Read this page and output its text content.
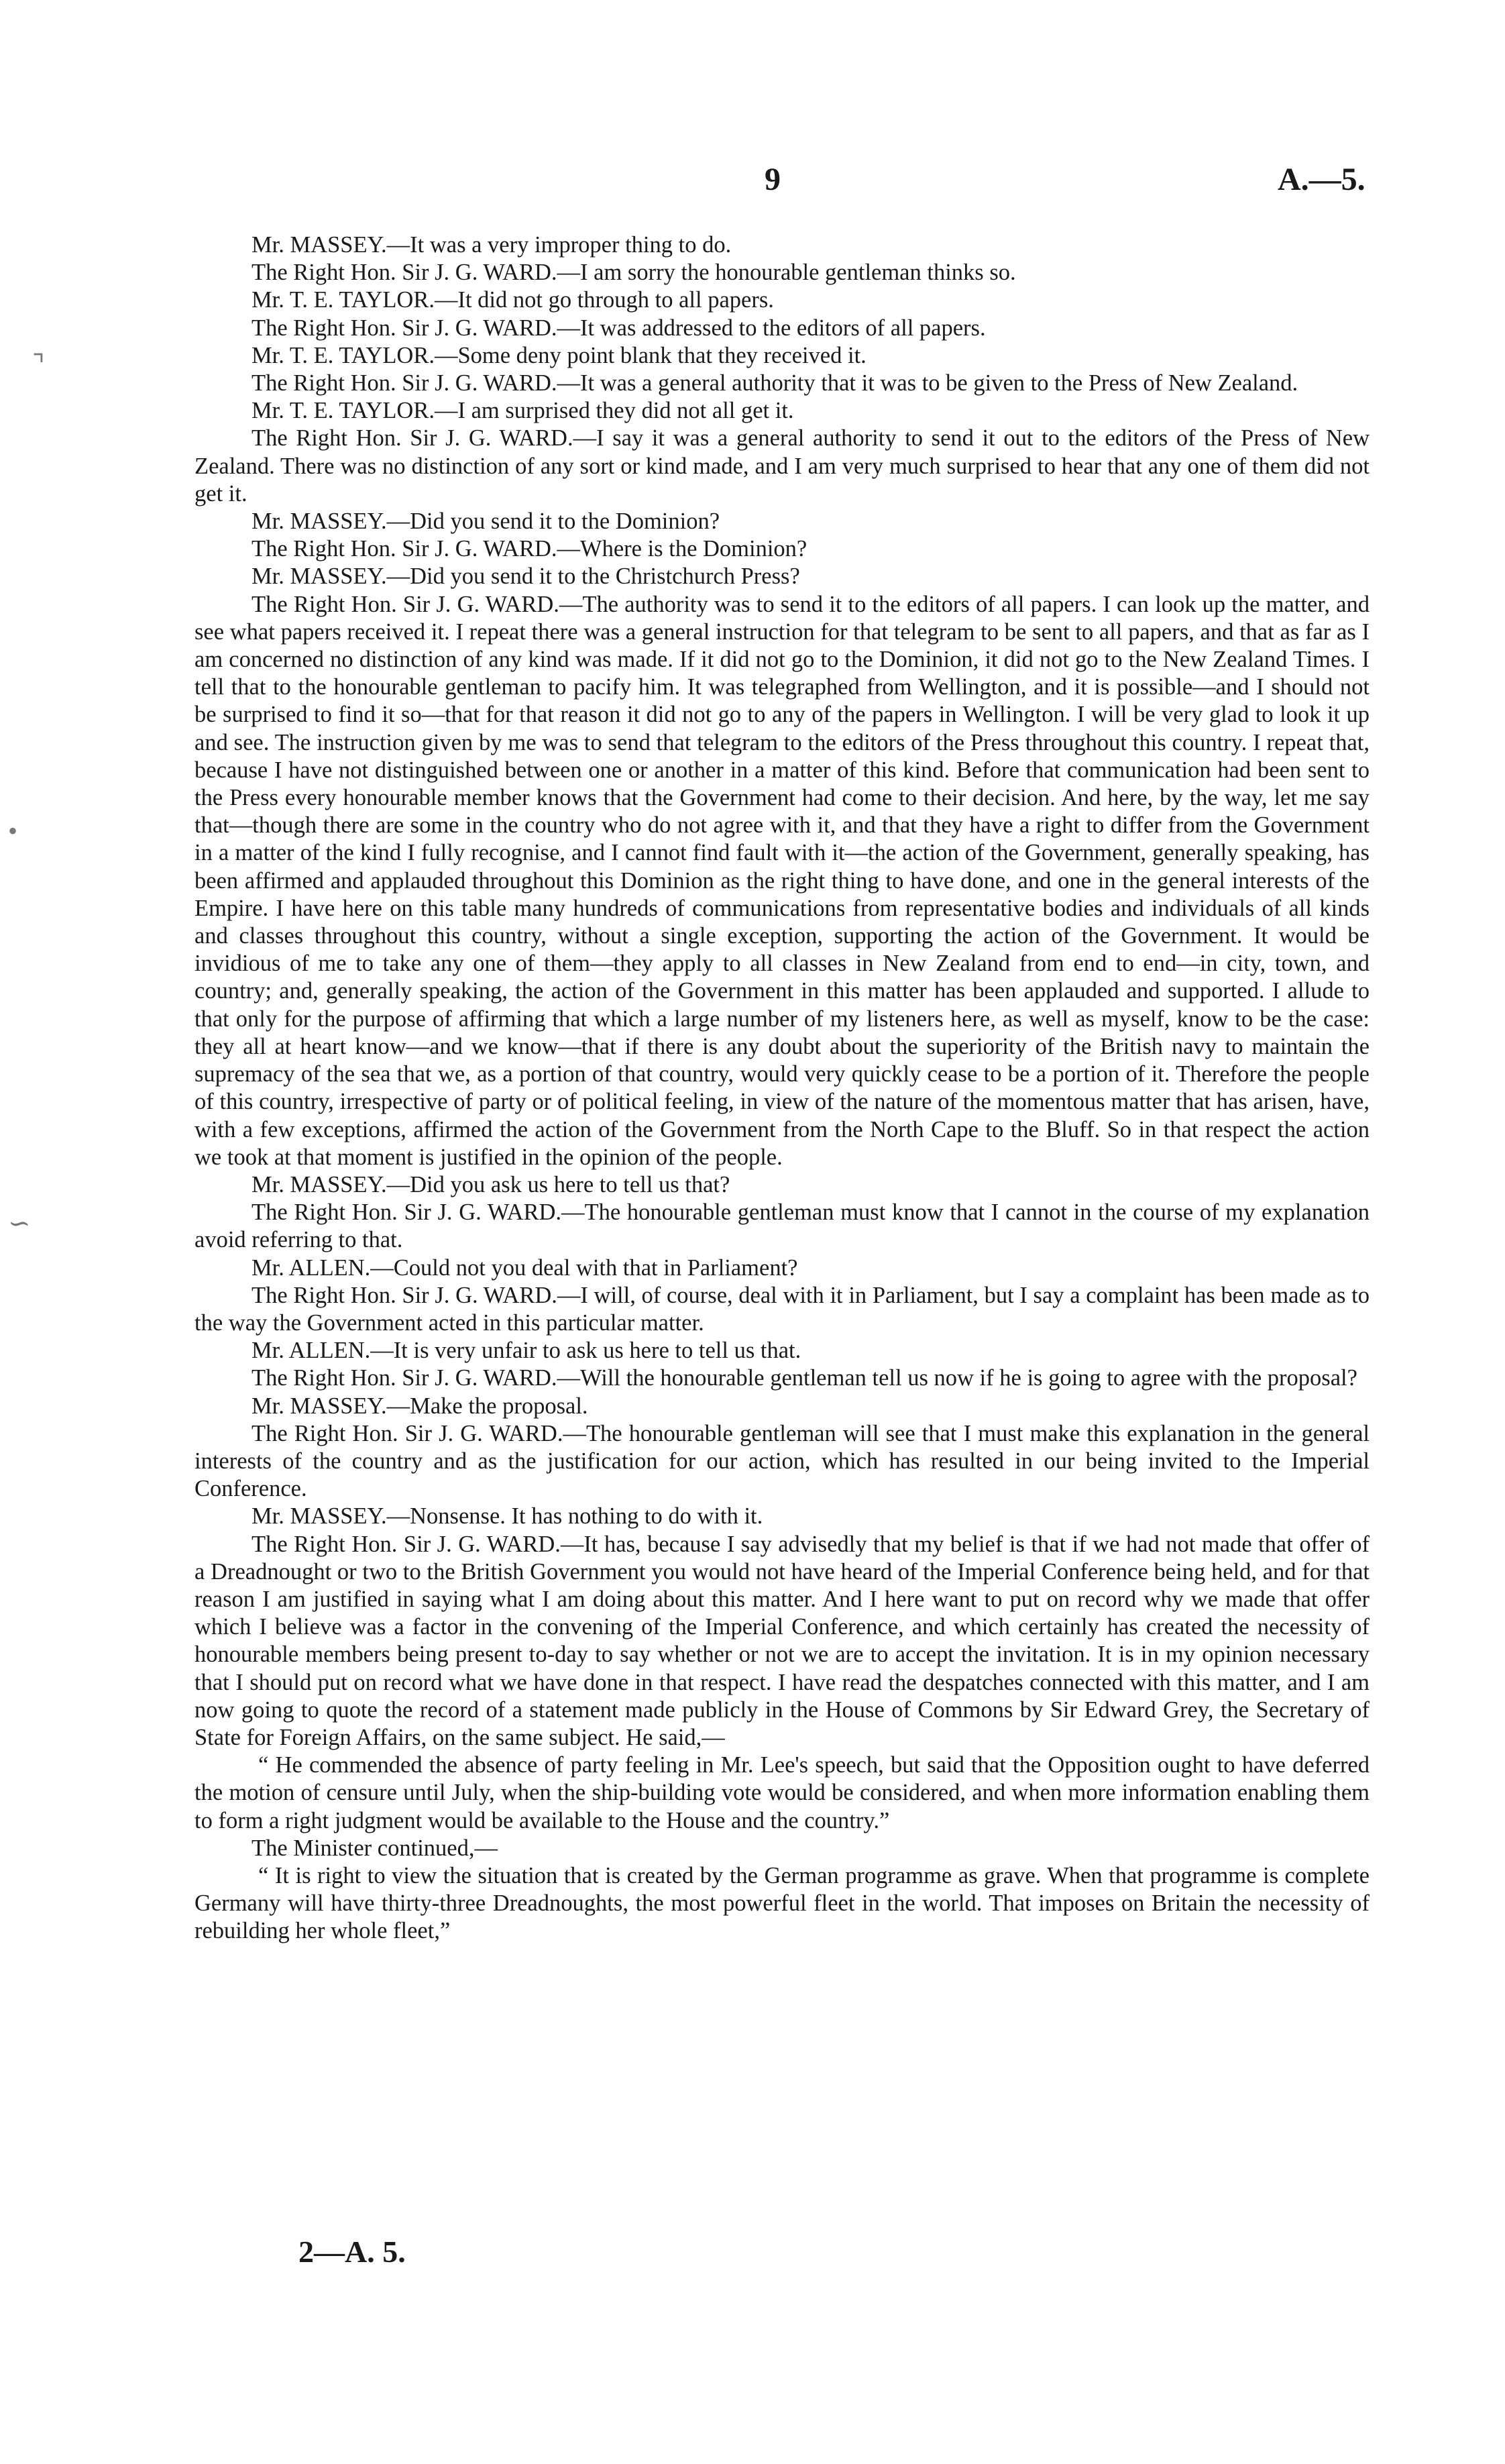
9	A.—5.
⌝
•
∽

Mr. MASSEY.—It was a very improper thing to do.

The Right Hon. Sir J. G. WARD.—I am sorry the honourable gentleman thinks so.

Mr. T. E. TAYLOR.—It did not go through to all papers.

The Right Hon. Sir J. G. WARD.—It was addressed to the editors of all papers.

Mr. T. E. TAYLOR.—Some deny point blank that they received it.

The Right Hon. Sir J. G. WARD.—It was a general authority that it was to be given to the Press of New Zealand.

Mr. T. E. TAYLOR.—I am surprised they did not all get it.

The Right Hon. Sir J. G. WARD.—I say it was a general authority to send it out to the editors of the Press of New Zealand. There was no distinction of any sort or kind made, and I am very much surprised to hear that any one of them did not get it.

Mr. MASSEY.—Did you send it to the Dominion?

The Right Hon. Sir J. G. WARD.—Where is the Dominion?

Mr. MASSEY.—Did you send it to the Christchurch Press?

The Right Hon. Sir J. G. WARD.—The authority was to send it to the editors of all papers. I can look up the matter, and see what papers received it. I repeat there was a general instruction for that telegram to be sent to all papers, and that as far as I am concerned no distinction of any kind was made. If it did not go to the Dominion, it did not go to the New Zealand Times. I tell that to the honourable gentleman to pacify him. It was telegraphed from Wellington, and it is possible—and I should not be surprised to find it so—that for that reason it did not go to any of the papers in Wellington. I will be very glad to look it up and see. The instruction given by me was to send that telegram to the editors of the Press throughout this country. I repeat that, because I have not distinguished between one or another in a matter of this kind. Before that communication had been sent to the Press every honourable member knows that the Government had come to their decision. And here, by the way, let me say that—though there are some in the country who do not agree with it, and that they have a right to differ from the Government in a matter of the kind I fully recognise, and I cannot find fault with it—the action of the Government, generally speaking, has been affirmed and applauded throughout this Dominion as the right thing to have done, and one in the general interests of the Empire. I have here on this table many hundreds of communications from representative bodies and individuals of all kinds and classes throughout this country, without a single exception, supporting the action of the Government. It would be invidious of me to take any one of them—they apply to all classes in New Zealand from end to end—in city, town, and country; and, generally speaking, the action of the Government in this matter has been applauded and supported. I allude to that only for the purpose of affirming that which a large number of my listeners here, as well as myself, know to be the case: they all at heart know—and we know—that if there is any doubt about the superiority of the British navy to maintain the supremacy of the sea that we, as a portion of that country, would very quickly cease to be a portion of it. Therefore the people of this country, irrespective of party or of political feeling, in view of the nature of the momentous matter that has arisen, have, with a few exceptions, affirmed the action of the Government from the North Cape to the Bluff. So in that respect the action we took at that moment is justified in the opinion of the people.

Mr. MASSEY.—Did you ask us here to tell us that?

The Right Hon. Sir J. G. WARD.—The honourable gentleman must know that I cannot in the course of my explanation avoid referring to that.

Mr. ALLEN.—Could not you deal with that in Parliament?

The Right Hon. Sir J. G. WARD.—I will, of course, deal with it in Parliament, but I say a complaint has been made as to the way the Government acted in this particular matter.

Mr. ALLEN.—It is very unfair to ask us here to tell us that.

The Right Hon. Sir J. G. WARD.—Will the honourable gentleman tell us now if he is going to agree with the proposal?

Mr. MASSEY.—Make the proposal.

The Right Hon. Sir J. G. WARD.—The honourable gentleman will see that I must make this explanation in the general interests of the country and as the justification for our action, which has resulted in our being invited to the Imperial Conference.

Mr. MASSEY.—Nonsense. It has nothing to do with it.

The Right Hon. Sir J. G. WARD.—It has, because I say advisedly that my belief is that if we had not made that offer of a Dreadnought or two to the British Government you would not have heard of the Imperial Conference being held, and for that reason I am justified in saying what I am doing about this matter. And I here want to put on record why we made that offer which I believe was a factor in the convening of the Imperial Conference, and which certainly has created the necessity of honourable members being present to-day to say whether or not we are to accept the invitation. It is in my opinion necessary that I should put on record what we have done in that respect. I have read the despatches connected with this matter, and I am now going to quote the record of a statement made publicly in the House of Commons by Sir Edward Grey, the Secretary of State for Foreign Affairs, on the same subject. He said,—

“ He commended the absence of party feeling in Mr. Lee's speech, but said that the Opposition ought to have deferred the motion of censure until July, when the ship-building vote would be considered, and when more information enabling them to form a right judgment would be available to the House and the country.”

The Minister continued,—

“ It is right to view the situation that is created by the German programme as grave. When that programme is complete Germany will have thirty-three Dreadnoughts, the most powerful fleet in the world. That imposes on Britain the necessity of rebuilding her whole fleet,”

2—A. 5.
